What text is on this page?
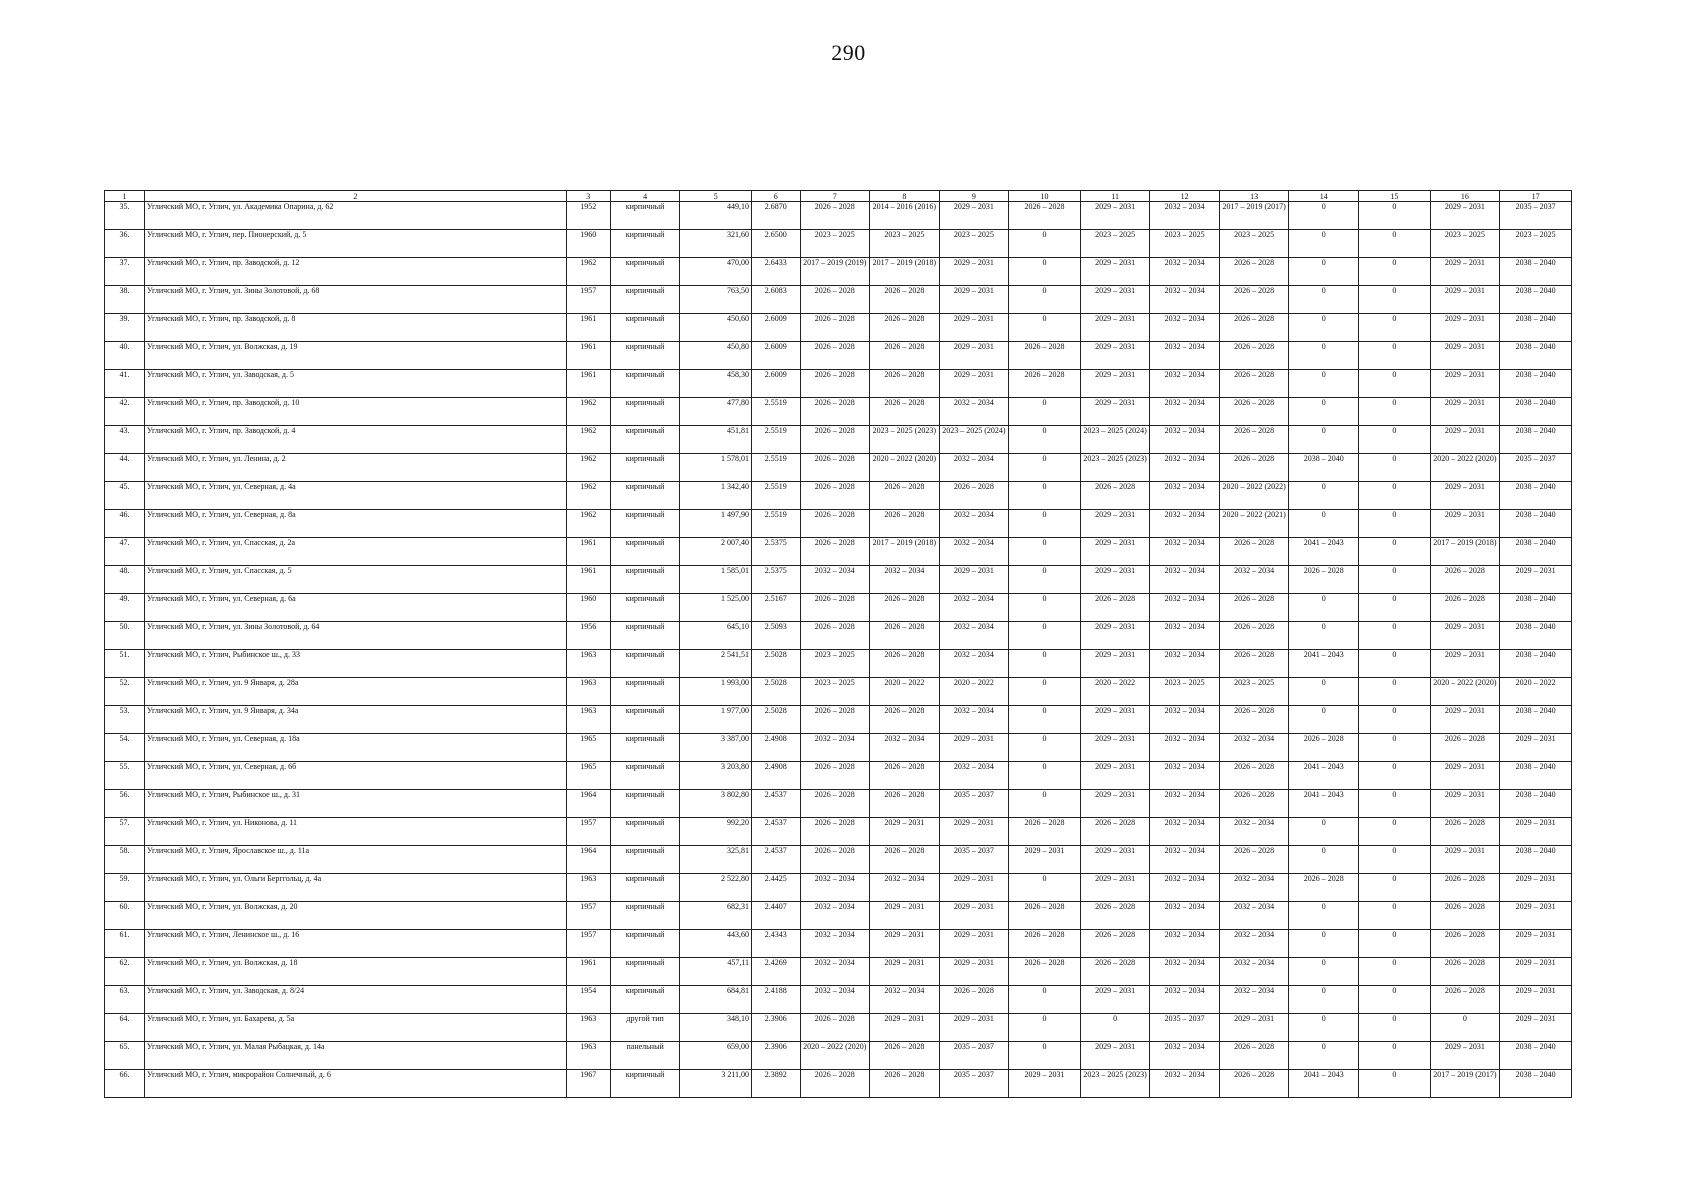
290
1	2	3	4	5	6	7	8	9	10	11	12	13	14	15	16	17
35.	Угличский МО, г. Углич, ул. Академика Опарина, д. 62	1952	кирпичный	449,10	2.6870	2026 – 2028	2014 – 2016 (2016)	2029 – 2031	2026 – 2028	2029 – 2031	2032 – 2034	2017 – 2019 (2017)	0	0	2029 – 2031	2035 – 2037
36.	Угличский МО, г. Углич, пер. Пионерский, д. 5	1960	кирпичный	321,60	2.6500	2023 – 2025	2023 – 2025	2023 – 2025	0	2023 – 2025	2023 – 2025	2023 – 2025	0	0	2023 – 2025	2023 – 2025
37.	Угличский МО, г. Углич, пр. Заводской, д. 12	1962	кирпичный	470,00	2.6433	2017 – 2019 (2019)	2017 – 2019 (2018)	2029 – 2031	0	2029 – 2031	2032 – 2034	2026 – 2028	0	0	2029 – 2031	2038 – 2040
38.	Угличский МО, г. Углич, ул. Зины Золотовой, д. 68	1957	кирпичный	763,50	2.6083	2026 – 2028	2026 – 2028	2029 – 2031	0	2029 – 2031	2032 – 2034	2026 – 2028	0	0	2029 – 2031	2038 – 2040
39.	Угличский МО, г. Углич, пр. Заводской, д. 8	1961	кирпичный	450,60	2.6009	2026 – 2028	2026 – 2028	2029 – 2031	0	2029 – 2031	2032 – 2034	2026 – 2028	0	0	2029 – 2031	2038 – 2040
40.	Угличский МО, г. Углич, ул. Волжская, д. 19	1961	кирпичный	450,80	2.6009	2026 – 2028	2026 – 2028	2029 – 2031	2026 – 2028	2029 – 2031	2032 – 2034	2026 – 2028	0	0	2029 – 2031	2038 – 2040
41.	Угличский МО, г. Углич, ул. Заводская, д. 5	1961	кирпичный	458,30	2.6009	2026 – 2028	2026 – 2028	2029 – 2031	2026 – 2028	2029 – 2031	2032 – 2034	2026 – 2028	0	0	2029 – 2031	2038 – 2040
42.	Угличский МО, г. Углич, пр. Заводской, д. 10	1962	кирпичный	477,80	2.5519	2026 – 2028	2026 – 2028	2032 – 2034	0	2029 – 2031	2032 – 2034	2026 – 2028	0	0	2029 – 2031	2038 – 2040
43.	Угличский МО, г. Углич, пр. Заводской, д. 4	1962	кирпичный	451,81	2.5519	2026 – 2028	2023 – 2025 (2023)	2023 – 2025 (2024)	0	2023 – 2025 (2024)	2032 – 2034	2026 – 2028	0	0	2029 – 2031	2038 – 2040
44.	Угличский МО, г. Углич, ул. Ленина, д. 2	1962	кирпичный	1 578,01	2.5519	2026 – 2028	2020 – 2022 (2020)	2032 – 2034	0	2023 – 2025 (2023)	2032 – 2034	2026 – 2028	2038 – 2040	0	2020 – 2022 (2020)	2035 – 2037
45.	Угличский МО, г. Углич, ул. Северная, д. 4а	1962	кирпичный	1 342,40	2.5519	2026 – 2028	2026 – 2028	2026 – 2028	0	2026 – 2028	2032 – 2034	2020 – 2022 (2022)	0	0	2029 – 2031	2038 – 2040
46.	Угличский МО, г. Углич, ул. Северная, д. 8а	1962	кирпичный	1 497,90	2.5519	2026 – 2028	2026 – 2028	2032 – 2034	0	2029 – 2031	2032 – 2034	2020 – 2022 (2021)	0	0	2029 – 2031	2038 – 2040
47.	Угличский МО, г. Углич, ул. Спасская, д. 2а	1961	кирпичный	2 007,40	2.5375	2026 – 2028	2017 – 2019 (2018)	2032 – 2034	0	2029 – 2031	2032 – 2034	2026 – 2028	2041 – 2043	0	2017 – 2019 (2018)	2038 – 2040
48.	Угличский МО, г. Углич, ул. Спасская, д. 5	1961	кирпичный	1 585,01	2.5375	2032 – 2034	2032 – 2034	2029 – 2031	0	2029 – 2031	2032 – 2034	2032 – 2034	2026 – 2028	0	2026 – 2028	2029 – 2031
49.	Угличский МО, г. Углич, ул. Северная, д. 6а	1960	кирпичный	1 525,00	2.5167	2026 – 2028	2026 – 2028	2032 – 2034	0	2026 – 2028	2032 – 2034	2026 – 2028	0	0	2026 – 2028	2038 – 2040
50.	Угличский МО, г. Углич, ул. Зины Золотовой, д. 64	1956	кирпичный	645,10	2.5093	2026 – 2028	2026 – 2028	2032 – 2034	0	2029 – 2031	2032 – 2034	2026 – 2028	0	0	2029 – 2031	2038 – 2040
51.	Угличский МО, г. Углич, Рыбинское ш., д. 33	1963	кирпичный	2 541,51	2.5028	2023 – 2025	2026 – 2028	2032 – 2034	0	2029 – 2031	2032 – 2034	2026 – 2028	2041 – 2043	0	2029 – 2031	2038 – 2040
52.	Угличский МО, г. Углич, ул. 9 Января, д. 28а	1963	кирпичный	1 993,00	2.5028	2023 – 2025	2020 – 2022	2020 – 2022	0	2020 – 2022	2023 – 2025	2023 – 2025	0	0	2020 – 2022 (2020)	2020 – 2022
53.	Угличский МО, г. Углич, ул. 9 Января, д. 34а	1963	кирпичный	1 977,00	2.5028	2026 – 2028	2026 – 2028	2032 – 2034	0	2029 – 2031	2032 – 2034	2026 – 2028	0	0	2029 – 2031	2038 – 2040
54.	Угличский МО, г. Углич, ул. Северная, д. 18а	1965	кирпичный	3 387,00	2.4908	2032 – 2034	2032 – 2034	2029 – 2031	0	2029 – 2031	2032 – 2034	2032 – 2034	2026 – 2028	0	2026 – 2028	2029 – 2031
55.	Угличский МО, г. Углич, ул. Северная, д. 6б	1965	кирпичный	3 203,80	2.4908	2026 – 2028	2026 – 2028	2032 – 2034	0	2029 – 2031	2032 – 2034	2026 – 2028	2041 – 2043	0	2029 – 2031	2038 – 2040
56.	Угличский МО, г. Углич, Рыбинское ш., д. 31	1964	кирпичный	3 802,80	2.4537	2026 – 2028	2026 – 2028	2035 – 2037	0	2029 – 2031	2032 – 2034	2026 – 2028	2041 – 2043	0	2029 – 2031	2038 – 2040
57.	Угличский МО, г. Углич, ул. Никонова, д. 11	1957	кирпичный	992,20	2.4537	2026 – 2028	2029 – 2031	2029 – 2031	2026 – 2028	2026 – 2028	2032 – 2034	2032 – 2034	0	0	2026 – 2028	2029 – 2031
58.	Угличский МО, г. Углич, Ярославское ш., д. 11а	1964	кирпичный	325,81	2.4537	2026 – 2028	2026 – 2028	2035 – 2037	2029 – 2031	2029 – 2031	2032 – 2034	2026 – 2028	0	0	2029 – 2031	2038 – 2040
59.	Угличский МО, г. Углич, ул. Ольги Берггольц, д. 4а	1963	кирпичный	2 522,80	2.4425	2032 – 2034	2032 – 2034	2029 – 2031	0	2029 – 2031	2032 – 2034	2032 – 2034	2026 – 2028	0	2026 – 2028	2029 – 2031
60.	Угличский МО, г. Углич, ул. Волжская, д. 20	1957	кирпичный	682,31	2.4407	2032 – 2034	2029 – 2031	2029 – 2031	2026 – 2028	2026 – 2028	2032 – 2034	2032 – 2034	0	0	2026 – 2028	2029 – 2031
61.	Угличский МО, г. Углич, Ленинское ш., д. 16	1957	кирпичный	443,60	2.4343	2032 – 2034	2029 – 2031	2029 – 2031	2026 – 2028	2026 – 2028	2032 – 2034	2032 – 2034	0	0	2026 – 2028	2029 – 2031
62.	Угличский МО, г. Углич, ул. Волжская, д. 18	1961	кирпичный	457,11	2.4269	2032 – 2034	2029 – 2031	2029 – 2031	2026 – 2028	2026 – 2028	2032 – 2034	2032 – 2034	0	0	2026 – 2028	2029 – 2031
63.	Угличский МО, г. Углич, ул. Заводская, д. 8/24	1954	кирпичный	684,81	2.4188	2032 – 2034	2032 – 2034	2026 – 2028	0	2029 – 2031	2032 – 2034	2032 – 2034	0	0	2026 – 2028	2029 – 2031
64.	Угличский МО, г. Углич, ул. Бахарева, д. 5а	1963	другой тип	348,10	2.3906	2026 – 2028	2029 – 2031	2029 – 2031	0	0	2035 – 2037	2029 – 2031	0	0	0	2029 – 2031
65.	Угличский МО, г. Углич, ул. Малая Рыбацкая, д. 14а	1963	панельный	659,00	2.3906	2020 – 2022 (2020)	2026 – 2028	2035 – 2037	0	2029 – 2031	2032 – 2034	2026 – 2028	0	0	2029 – 2031	2038 – 2040
66.	Угличский МО, г. Углич, микрорайон Солнечный, д. 6	1967	кирпичный	3 211,00	2.3892	2026 – 2028	2026 – 2028	2035 – 2037	2029 – 2031	2023 – 2025 (2023)	2032 – 2034	2026 – 2028	2041 – 2043	0	2017 – 2019 (2017)	2038 – 2040
